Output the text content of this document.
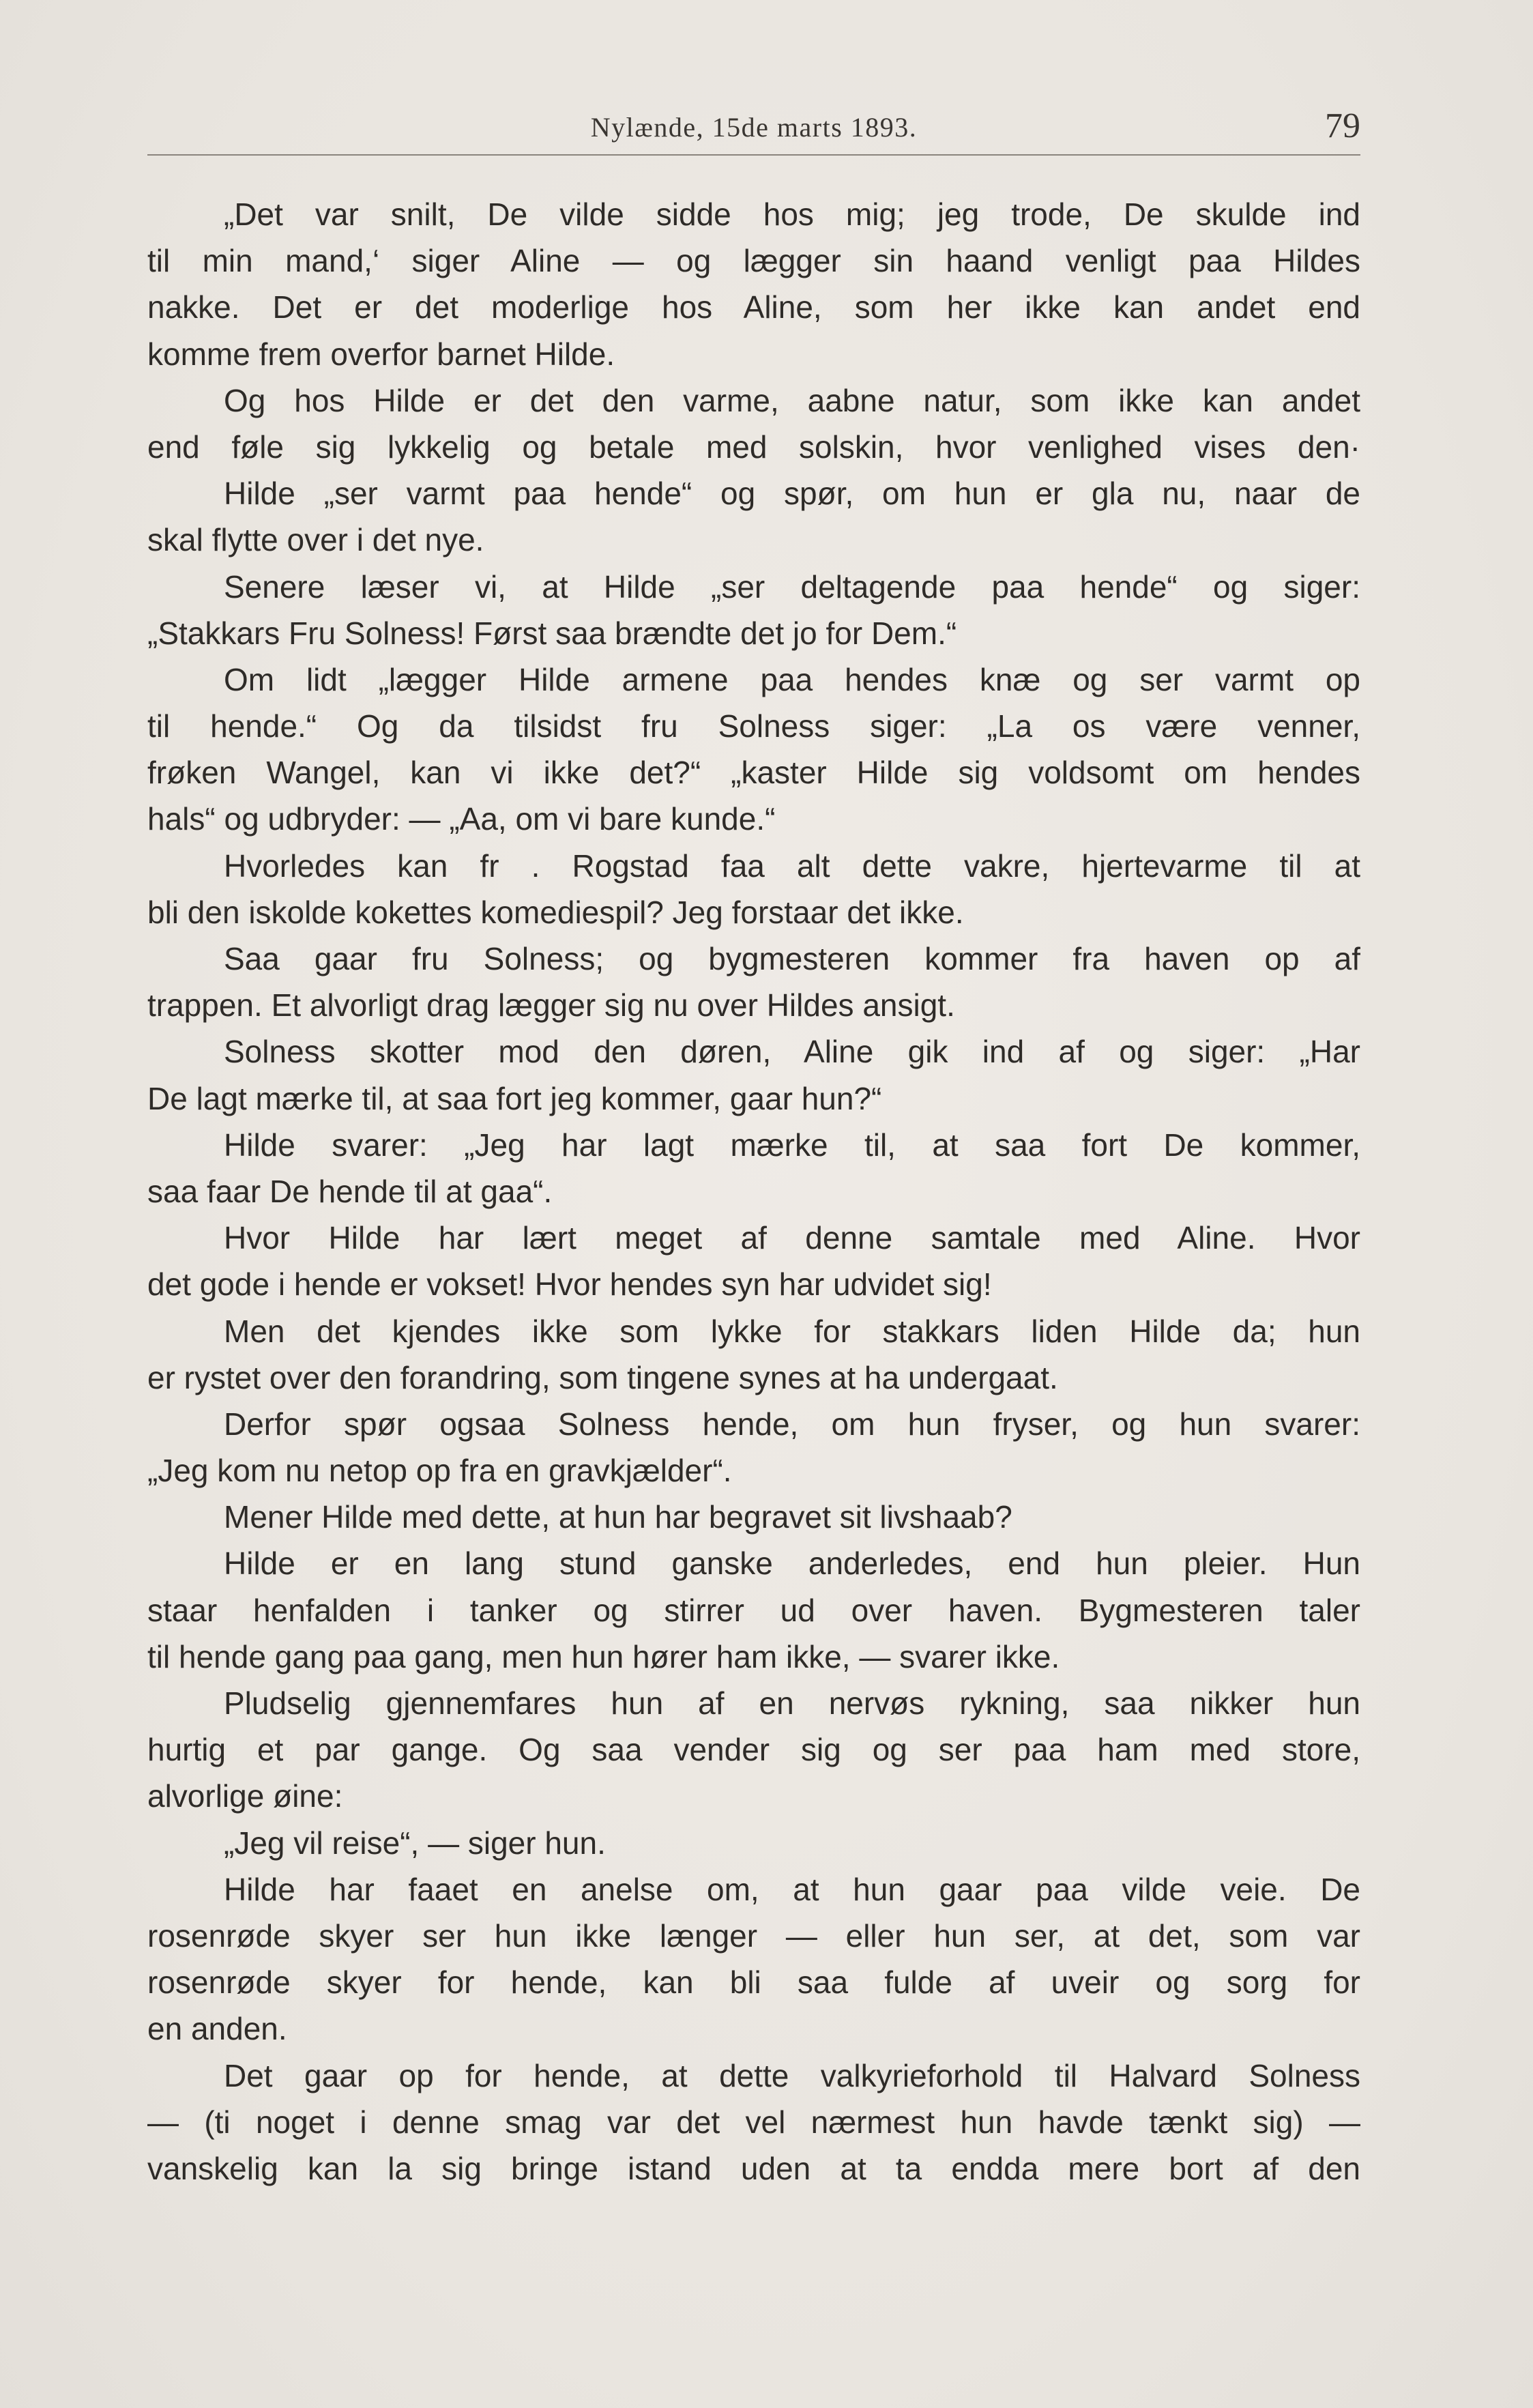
Nylænde, 15de marts 1893.	79
„Det var snilt, De vilde sidde hos mig; jeg trode, De skulde ind
til min mand,‘ siger Aline — og lægger sin haand venligt paa Hildes
nakke. Det er det moderlige hos Aline, som her ikke kan andet end
komme frem overfor barnet Hilde.
Og hos Hilde er det den varme, aabne natur, som ikke kan andet
end føle sig lykkelig og betale med solskin, hvor venlighed vises den·
Hilde „ser varmt paa hende“ og spør, om hun er gla nu, naar de
skal flytte over i det nye.
Senere læser vi, at Hilde „ser deltagende paa hende“ og siger:
„Stakkars Fru Solness! Først saa brændte det jo for Dem.“
Om lidt „lægger Hilde armene paa hendes knæ og ser varmt op
til hende.“ Og da tilsidst fru Solness siger: „La os være venner,
frøken Wangel, kan vi ikke det?“ „kaster Hilde sig voldsomt om hendes
hals“ og udbryder: — „Aa, om vi bare kunde.“
Hvorledes kan fr . Rogstad faa alt dette vakre, hjertevarme til at
bli den iskolde kokettes komediespil? Jeg forstaar det ikke.
Saa gaar fru Solness; og bygmesteren kommer fra haven op af
trappen. Et alvorligt drag lægger sig nu over Hildes ansigt.
Solness skotter mod den døren, Aline gik ind af og siger: „Har
De lagt mærke til, at saa fort jeg kommer, gaar hun?“
Hilde svarer: „Jeg har lagt mærke til, at saa fort De kommer,
saa faar De hende til at gaa“.
Hvor Hilde har lært meget af denne samtale med Aline. Hvor
det gode i hende er vokset! Hvor hendes syn har udvidet sig!
Men det kjendes ikke som lykke for stakkars liden Hilde da; hun
er rystet over den forandring, som tingene synes at ha undergaat.
Derfor spør ogsaa Solness hende, om hun fryser, og hun svarer:
„Jeg kom nu netop op fra en gravkjælder“.
Mener Hilde med dette, at hun har begravet sit livshaab?
Hilde er en lang stund ganske anderledes, end hun pleier. Hun
staar henfalden i tanker og stirrer ud over haven. Bygmesteren taler
til hende gang paa gang, men hun hører ham ikke, — svarer ikke.
Pludselig gjennemfares hun af en nervøs rykning, saa nikker hun
hurtig et par gange. Og saa vender sig og ser paa ham med store,
alvorlige øine:
„Jeg vil reise“, — siger hun.
Hilde har faaet en anelse om, at hun gaar paa vilde veie. De
rosenrøde skyer ser hun ikke længer — eller hun ser, at det, som var
rosenrøde skyer for hende, kan bli saa fulde af uveir og sorg for
en anden.
Det gaar op for hende, at dette valkyrieforhold til Halvard Solness
— (ti noget i denne smag var det vel nærmest hun havde tænkt sig) —
vanskelig kan la sig bringe istand uden at ta endda mere bort af den
